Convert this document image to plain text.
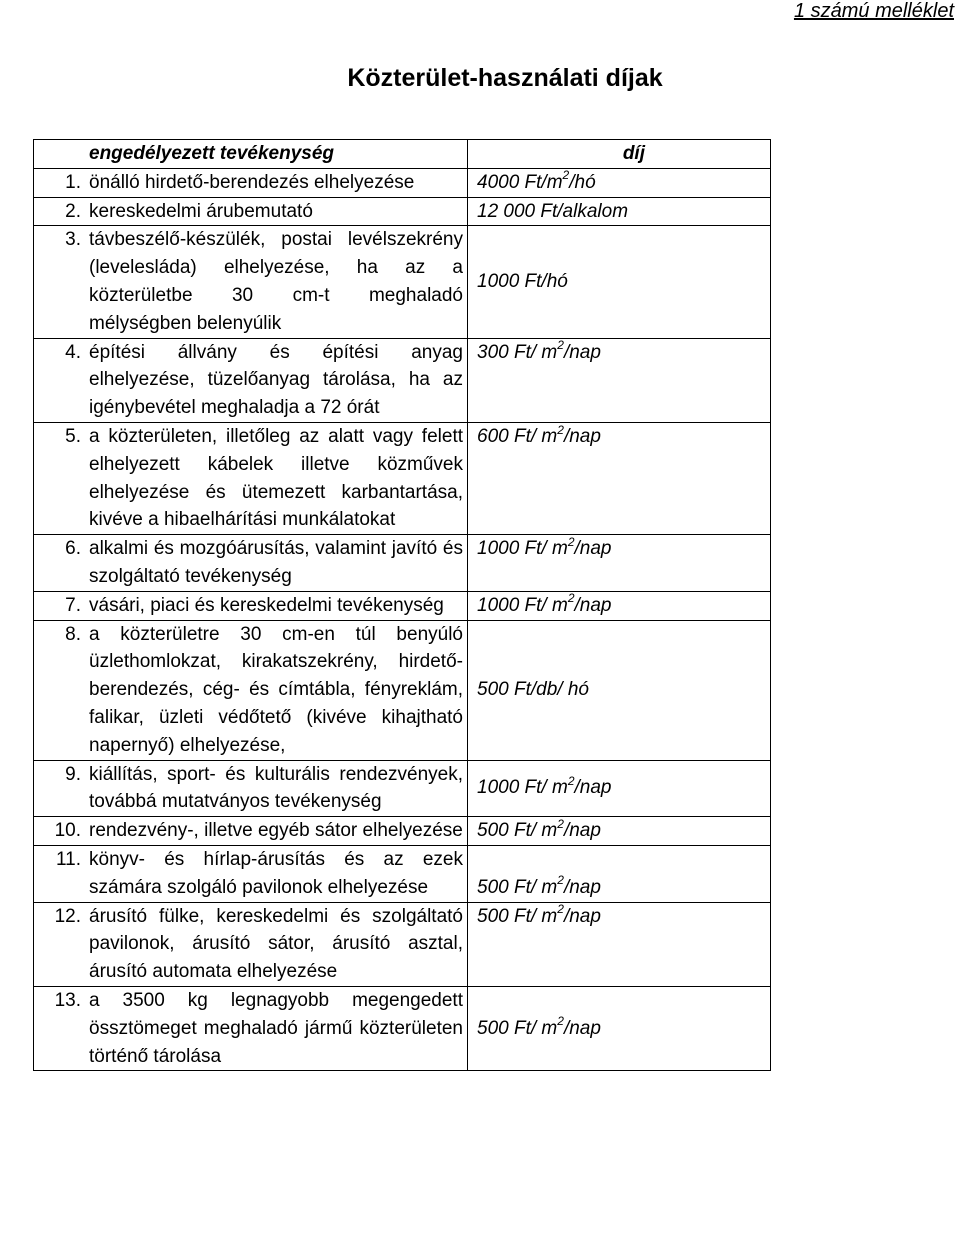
1 számú melléklet
Közterület-használati díjak
	engedélyezett tevékenység	díj
1.	önálló hirdető-berendezés elhelyezése	4000 $Ft/m^2/hó$
2.	kereskedelmi árubemutató	12 000 Ft/alkalom
3.	távbeszélő-készülék, postai levélszekrény (levelesláda) elhelyezése, ha az a közterületbe 30 cm-t meghaladó mélységben belenyúlik	1000 Ft/hó
4.	építési állvány és építési anyag elhelyezése, tüzelőanyag tárolása, ha az igénybevétel meghaladja a 72 órát	300 Ft/ $m^2$/nap
5.	a közterületen, illetőleg az alatt vagy felett elhelyezett kábelek illetve közművek elhelyezése és ütemezett karbantartása, kivéve a hibaelhárítási munkálatokat	600 Ft/ $m^2$/nap
6.	alkalmi és mozgóárusítás, valamint javító és szolgáltató tevékenység	1000 Ft/ $m^2$/nap
7.	vásári, piaci és kereskedelmi tevékenység	1000 Ft/ $m^2$/nap
8.	a közterületre 30 cm-en túl benyúló üzlethomlokzat, kirakatszekrény, hirdető-berendezés, cég- és címtábla, fényreklám, falikar, üzleti védőtető (kivéve kihajtható napernyő) elhelyezése,	500 Ft/db/ hó
9.	kiállítás, sport- és kulturális rendezvények, továbbá mutatványos tevékenység	1000 Ft/ $m^2$/nap
10.	rendezvény-, illetve egyéb sátor elhelyezése	500 Ft/ $m^2$/nap
11.	könyv- és hírlap-árusítás és az ezek számára szolgáló pavilonok elhelyezése	500 Ft/ $m^2$/nap
12.	árusító fülke, kereskedelmi és szolgáltató pavilonok, árusító sátor, árusító asztal, árusító automata elhelyezése	500 Ft/ $m^2$/nap
13.	a 3500 kg legnagyobb megengedett össztömeget meghaladó jármű közterületen történő tárolása	500 Ft/ $m^2$/nap
